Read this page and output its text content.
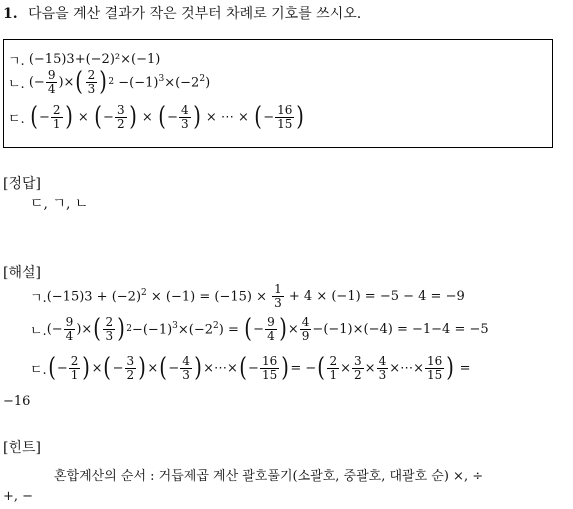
1. 다음을 계산 결과가 작은 것부터 차례로 기호를 쓰시오.
ㄱ.
(−15)3+(−2)²×(−1)
ㄴ.
(− $\frac{9}{4}$ )× ( $\frac{2}{3}$ ) $2 -(-1)^3\times(-2^2)$
ㄷ.
( − $\frac{2}{1}$ ) × ( − $\frac{3}{2}$ ) × ( − $\frac{4}{3}$ ) × ⋯ × ( − $\frac{16}{15}$ )
[정답]
ㄷ, ㄱ, ㄴ
[해설]
ㄱ. $(-15)3 + (-2)^2 \times (-1) = (-15) \times \frac{1}{3} + 4 \times (-1) = -5 - 4 = -9$
ㄴ. (− $\frac{9}{4}$ )× ( $\frac{2}{3}$ ) $2 -(-1)^3\times(-2^2)$ = ( − $\frac{9}{4}$ ) × $\frac{4}{9} -(-1)\times(-4) = -1-4 = -5$
ㄷ. ( − $\frac{2}{1}$ ) × ( − $\frac{3}{2}$ ) × ( − $\frac{4}{3}$ ) ×⋯× ( − $\frac{16}{15}$ ) = − ( $\frac{2}{1} \times \frac{3}{2} \times \frac{4}{3}$ ×⋯× $\frac{16}{15}$ ) =
−16
[힌트]
혼합계산의 순서 : 거듭제곱 계산 괄호풀기(소괄호, 중괄호, 대괄호 순) ×, ÷
+, −
